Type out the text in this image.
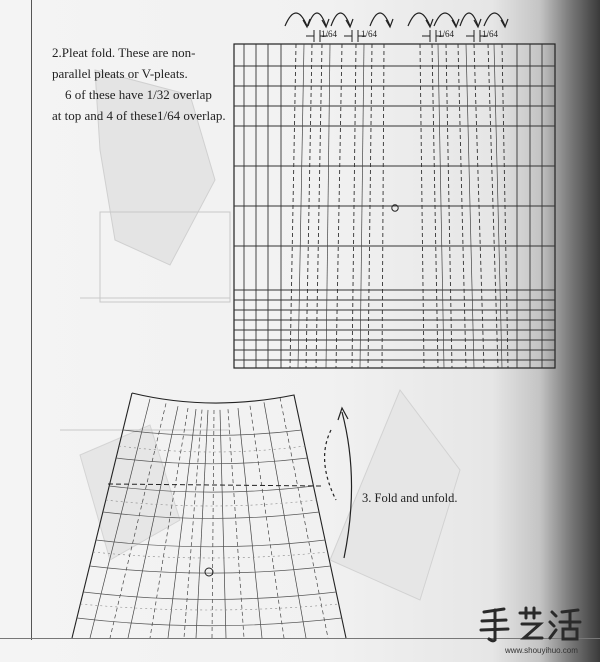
2.Pleat fold. These are non-
parallel pleats or V-pleats.
6 of these have 1/32 overlap
at top and 4 of these1/64 overlap.
3. Fold and unfold.
1/64	1/64	1/64	1/64
www.shouyihuo.com
